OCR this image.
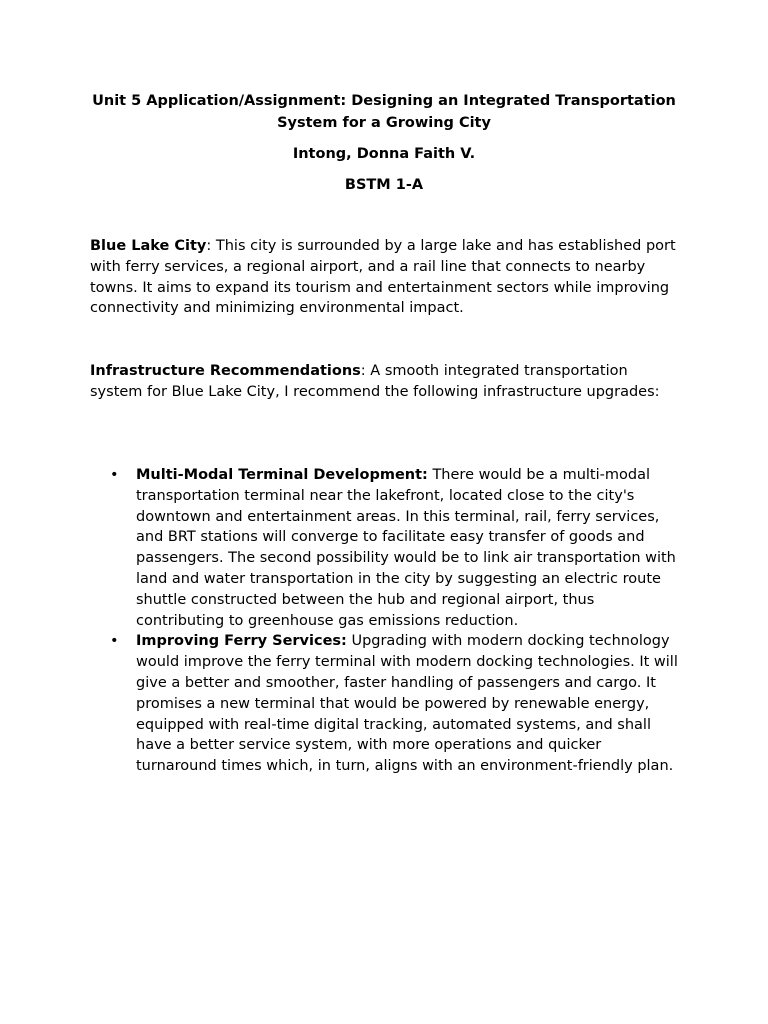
Unit 5 Application/Assignment: Designing an Integrated Transportation System for a Growing City
Intong, Donna Faith V.
BSTM 1-A
Blue Lake City: This city is surrounded by a large lake and has established port with ferry services, a regional airport, and a rail line that connects to nearby towns. It aims to expand its tourism and entertainment sectors while improving connectivity and minimizing environmental impact.
Infrastructure Recommendations: A smooth integrated transportation system for Blue Lake City, I recommend the following infrastructure upgrades:
• Multi-Modal Terminal Development: There would be a multi-modal transportation terminal near the lakefront, located close to the city's downtown and entertainment areas. In this terminal, rail, ferry services, and BRT stations will converge to facilitate easy transfer of goods and passengers. The second possibility would be to link air transportation with land and water transportation in the city by suggesting an electric route shuttle constructed between the hub and regional airport, thus contributing to greenhouse gas emissions reduction.
• Improving Ferry Services: Upgrading with modern docking technology would improve the ferry terminal with modern docking technologies. It will give a better and smoother, faster handling of passengers and cargo. It promises a new terminal that would be powered by renewable energy, equipped with real-time digital tracking, automated systems, and shall have a better service system, with more operations and quicker turnaround times which, in turn, aligns with an environment-friendly plan.
